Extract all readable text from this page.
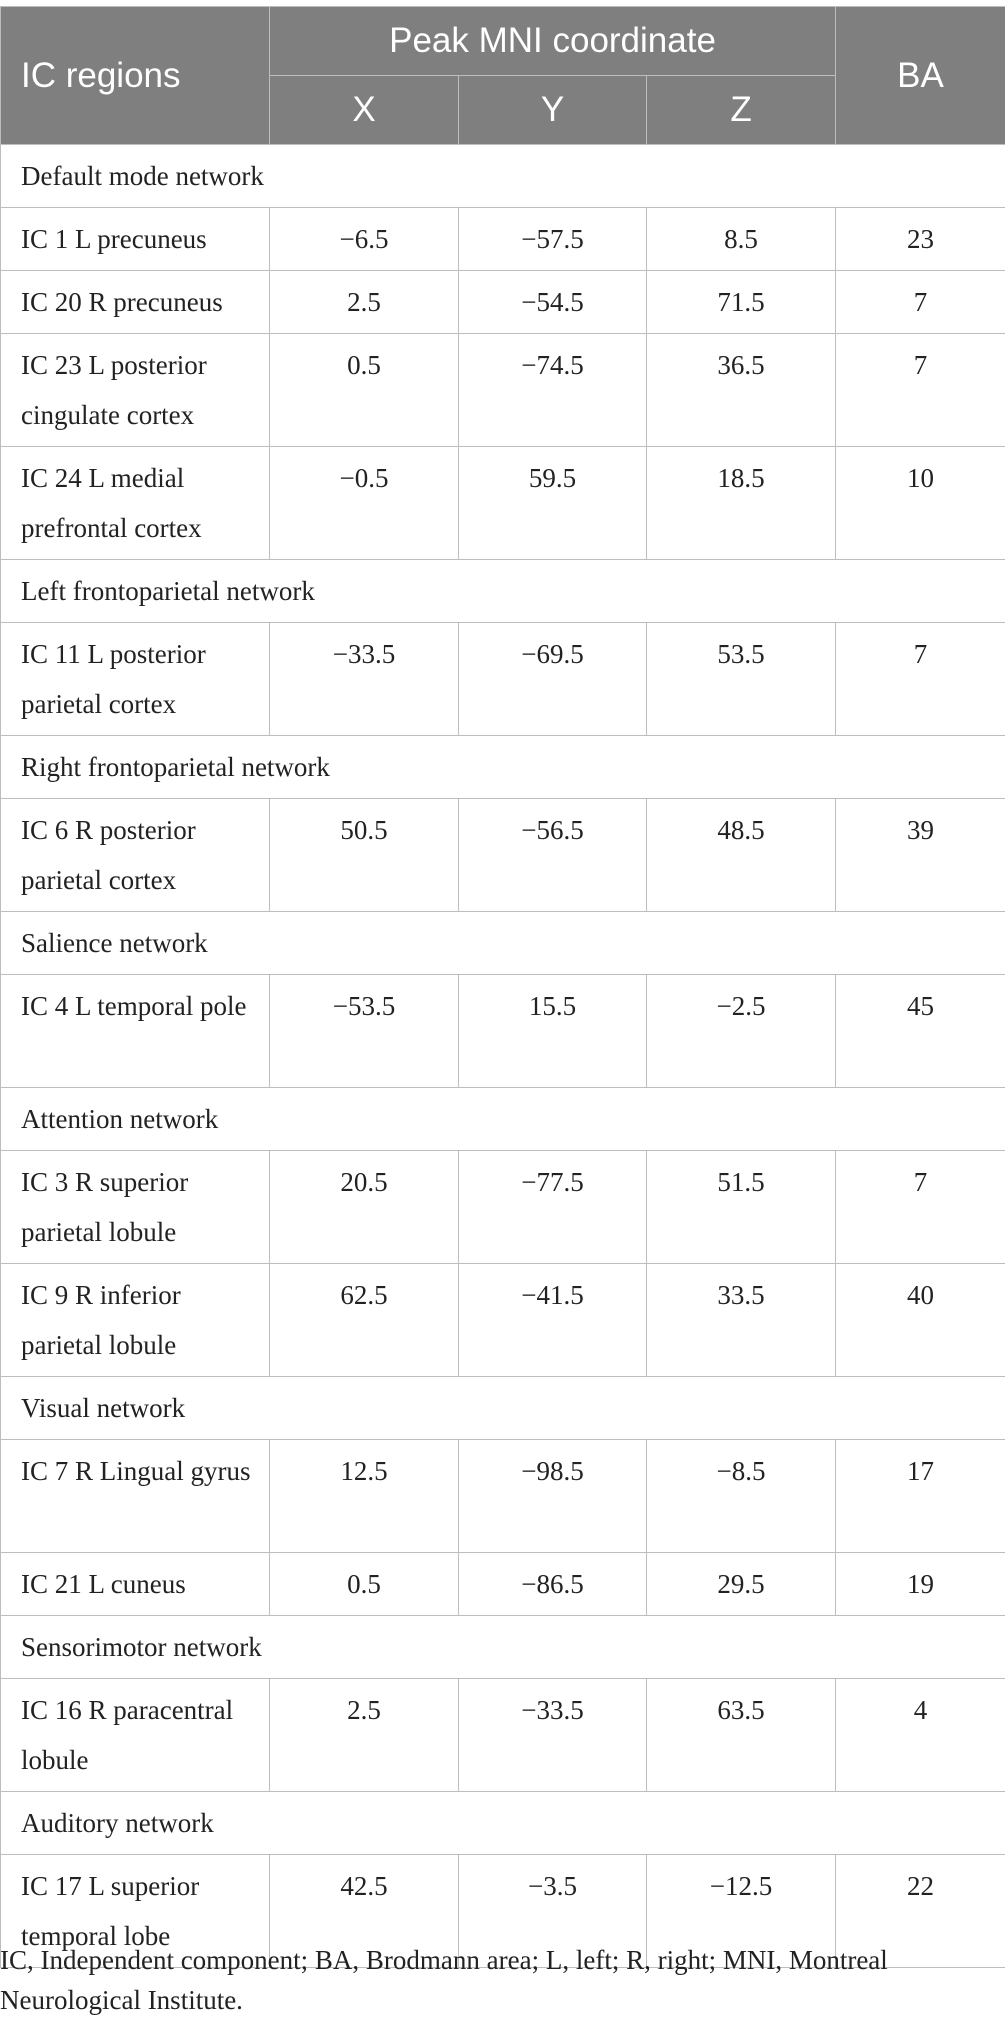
IC regions	Peak MNI coordinate			BA
	X	Y	Z	
Default mode network				
IC 1 L precuneus	−6.5	−57.5	8.5	23
IC 20 R precuneus	2.5	−54.5	71.5	7
IC 23 L posterior cingulate cortex	0.5	−74.5	36.5	7
IC 24 L medial prefrontal cortex	−0.5	59.5	18.5	10
Left frontoparietal network				
IC 11 L posterior parietal cortex	−33.5	−69.5	53.5	7
Right frontoparietal network				
IC 6 R posterior parietal cortex	50.5	−56.5	48.5	39
Salience network				
IC 4 L temporal pole	−53.5	15.5	−2.5	45
Attention network				
IC 3 R superior parietal lobule	20.5	−77.5	51.5	7
IC 9 R inferior parietal lobule	62.5	−41.5	33.5	40
Visual network				
IC 7 R Lingual gyrus	12.5	−98.5	−8.5	17
IC 21 L cuneus	0.5	−86.5	29.5	19
Sensorimotor network				
IC 16 R paracentral lobule	2.5	−33.5	63.5	4
Auditory network				
IC 17 L superior temporal lobe	42.5	−3.5	−12.5	22
IC, Independent component; BA, Brodmann area; L, left; R, right; MNI, Montreal Neurological Institute.
